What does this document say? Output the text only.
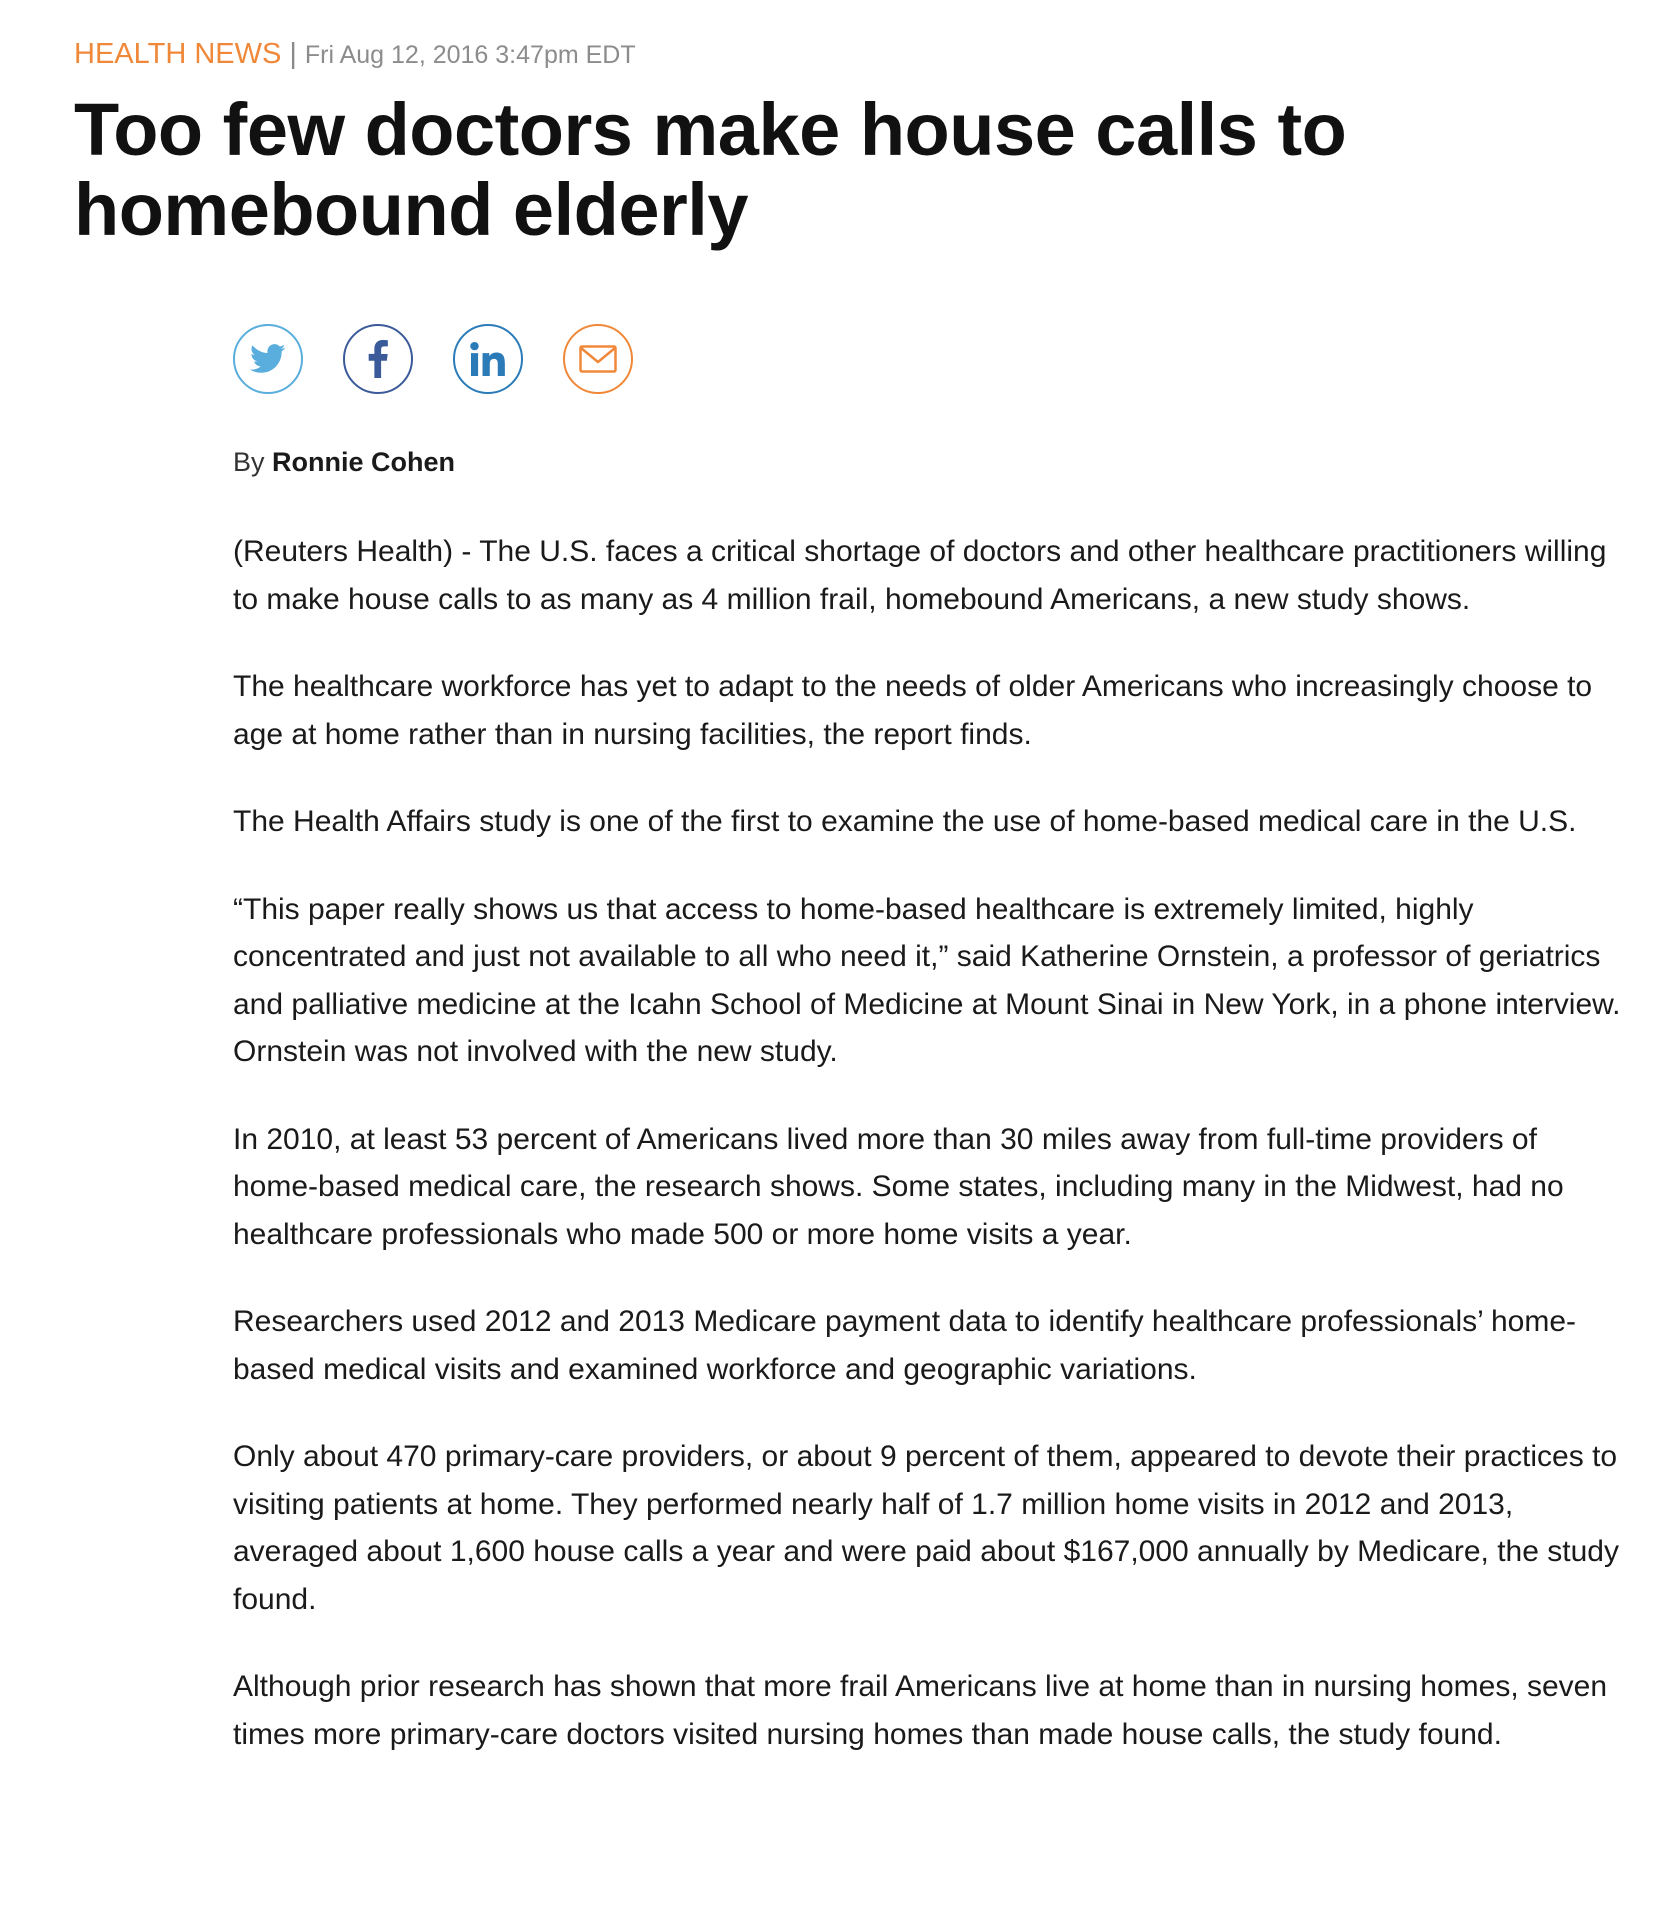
HEALTH NEWS | Fri Aug 12, 2016 3:47pm EDT
Too few doctors make house calls to homebound elderly
By Ronnie Cohen

(Reuters Health) - The U.S. faces a critical shortage of doctors and other healthcare practitioners willing to make house calls to as many as 4 million frail, homebound Americans, a new study shows.

The healthcare workforce has yet to adapt to the needs of older Americans who increasingly choose to age at home rather than in nursing facilities, the report finds.

The Health Affairs study is one of the first to examine the use of home-based medical care in the U.S.

“This paper really shows us that access to home-based healthcare is extremely limited, highly concentrated and just not available to all who need it,” said Katherine Ornstein, a professor of geriatrics and palliative medicine at the Icahn School of Medicine at Mount Sinai in New York, in a phone interview. Ornstein was not involved with the new study.

In 2010, at least 53 percent of Americans lived more than 30 miles away from full-time providers of home-based medical care, the research shows. Some states, including many in the Midwest, had no healthcare professionals who made 500 or more home visits a year.

Researchers used 2012 and 2013 Medicare payment data to identify healthcare professionals’ home-based medical visits and examined workforce and geographic variations.

Only about 470 primary-care providers, or about 9 percent of them, appeared to devote their practices to visiting patients at home. They performed nearly half of 1.7 million home visits in 2012 and 2013, averaged about 1,600 house calls a year and were paid about $167,000 annually by Medicare, the study found.

Although prior research has shown that more frail Americans live at home than in nursing homes, seven times more primary-care doctors visited nursing homes than made house calls, the study found.
